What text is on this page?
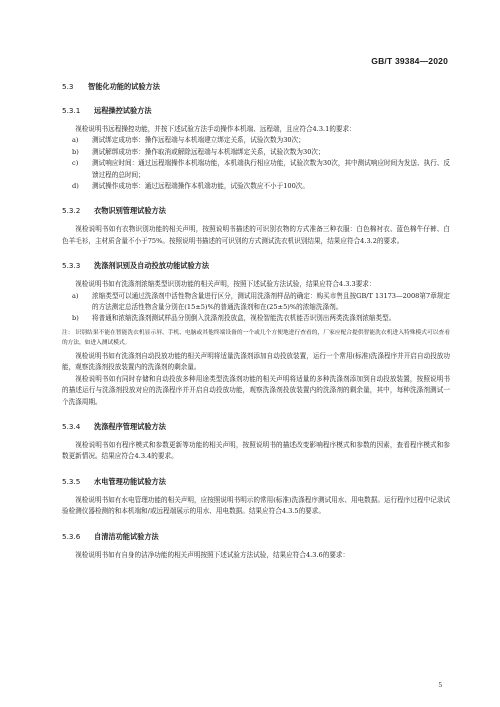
GB/T 39384—2020
5.3 智能化功能的试验方法
5.3.1 远程操控试验方法

视检说明书远程操控功能，并按下述试验方法手动操作本机端、远程端，且应符合4.3.1的要求：

a)	测试绑定成功率：操作远程端与本机端建立绑定关系，试验次数为30次；
b)	测试解绑成功率：操作取消或解除远程端与本机端绑定关系，试验次数为30次；
c)	测试响应时间：通过远程端操作本机端功能，本机端执行相应功能，试验次数为30次，其中测试响应时间为发送、执行、反馈过程的总时间；
d)	测试操作成功率：通过远程端操作本机端功能，试验次数应不小于100次。
5.3.2 衣物识别管理试验方法

视检说明书如有衣物识别功能的相关声明，按照说明书描述的可识别衣物的方式准备三种衣服：白色棉衬衣、蓝色棉牛仔裤、白色羊毛衫，主材质含量不小于75%。按照说明书描述的可识别的方式测试洗衣机识别结果，结果应符合4.3.2的要求。

5.3.3 洗涤剂识别及自动投放功能试验方法

视检说明书如有洗涤剂浓缩类型识别功能的相关声明，按照下述试验方法试验，结果应符合4.3.3要求：

a)	浓缩类型可以通过洗涤剂中活性物含量进行区分，测试用洗涤剂样品的确定：购买市售且按GB/T 13173—2008第7章规定的方法测定总活性物含量分别在(15±5)%的普通洗涤剂和在(25±5)%的浓缩洗涤剂。
b)	将普通和浓缩洗涤剂测试样品分别倒入洗涤剂投放盒，视检智能洗衣机能否识别出两类洗涤剂浓缩类型。
注： 识别结果不能在智能洗衣机显示屏、手机、电脑或其他终端设备的一个或几个方便地进行查看的，厂家应配合提供智能洗衣机进入特殊模式可以查看的方法，如进入测试模式。

视检说明书如有洗涤剂自动投放功能的相关声明将适量洗涤剂添加自动投放装置，运行一个常用(标准)洗涤程序并开启自动投放功能，观察洗涤剂投放装置内的洗涤剂的剩余量。

视检说明书如有同时存储和自动投放多种用途类型洗涤剂功能的相关声明将适量的多种洗涤剂添加到自动投放装置，按照说明书的描述运行与洗涤剂投放对应的洗涤程序并开启自动投放功能，观察洗涤剂投放装置内的洗涤剂的剩余量，其中，每种洗涤剂测试一个洗涤周期。

5.3.4 洗涤程序管理试验方法

视检说明书如有程序模式和参数更新等功能的相关声明，按照说明书的描述改变影响程序模式和参数的因素，查看程序模式和参数更新情况。结果应符合4.3.4的要求。

5.3.5 水电管理功能试验方法

视检说明书如有水电管理功能的相关声明，应按照说明书明示的常用(标准)洗涤程序测试用水、用电数据。运行程序过程中记录试验检测仪器检测的和本机端和/或远程端展示的用水、用电数据。结果应符合4.3.5的要求。

5.3.6 自清洁功能试验方法

视检说明书如有自身的洁净功能的相关声明按照下述试验方法试验，结果应符合4.3.6的要求：

5
